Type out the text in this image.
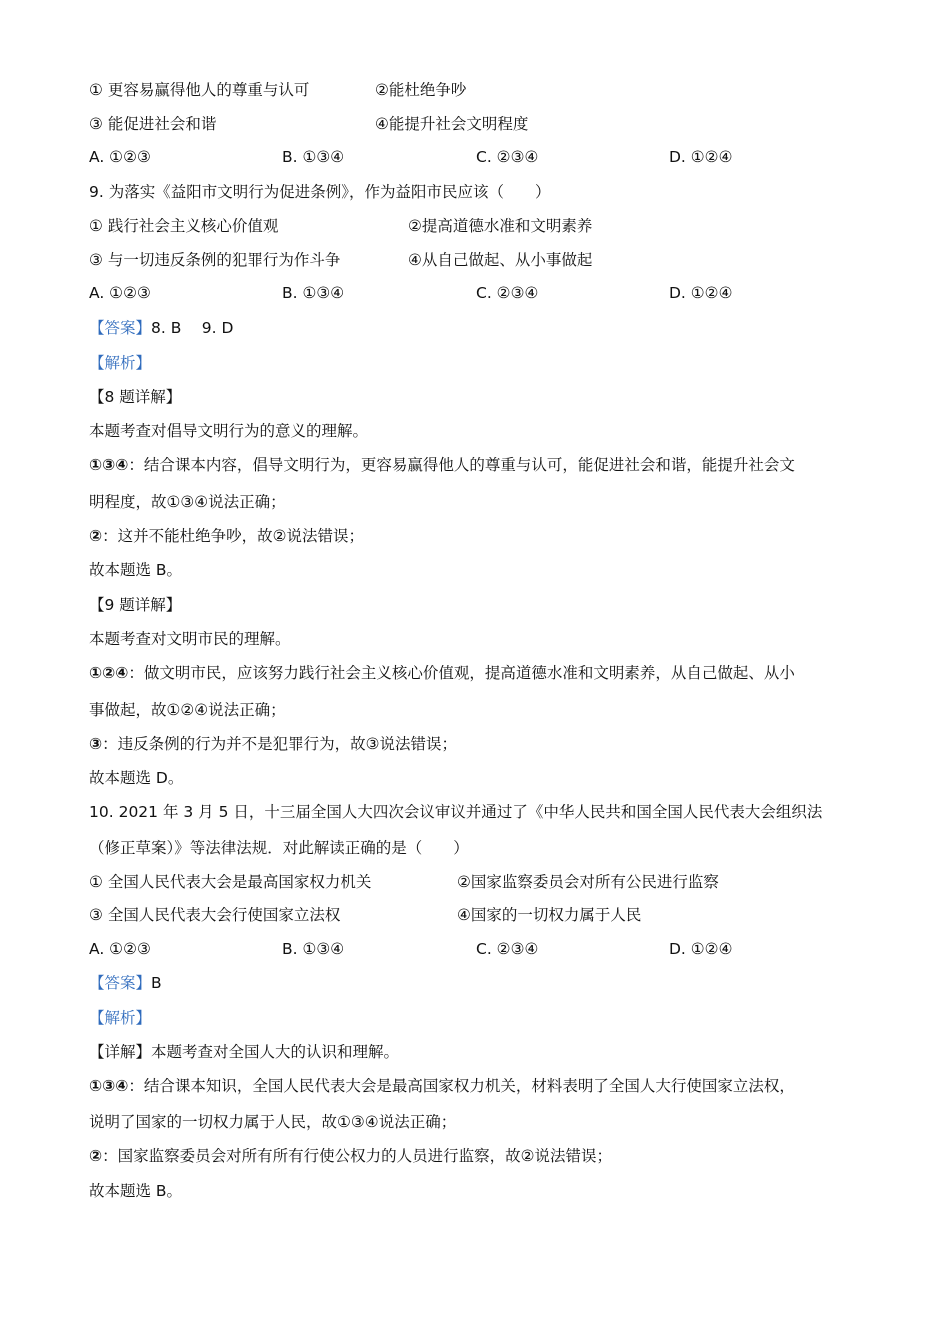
① 更容易赢得他人的尊重与认可	②能杜绝争吵
③ 能促进社会和谐	④能提升社会文明程度
A. ①②③	B. ①③④	C. ②③④	D. ①②④
9. 为落实《益阳市文明行为促进条例》，作为益阳市民应该（　　）
① 践行社会主义核心价值观	②提高道德水准和文明素养
③ 与一切违反条例的犯罪行为作斗争	④从自己做起、从小事做起
A. ①②③	B. ①③④	C. ②③④	D. ①②④
【答案】8. B　 9. D
【解析】
【8 题详解】
本题考查对倡导文明行为的意义的理解。
①③④：结合课本内容，倡导文明行为，更容易赢得他人的尊重与认可，能促进社会和谐，能提升社会文
明程度，故①③④说法正确；
②：这并不能杜绝争吵，故②说法错误；
故本题选 B。
【9 题详解】
本题考查对文明市民的理解。
①②④：做文明市民，应该努力践行社会主义核心价值观，提高道德水准和文明素养，从自己做起、从小
事做起，故①②④说法正确；
③：违反条例的行为并不是犯罪行为，故③说法错误；
故本题选 D。
10. 2021 年 3 月 5 日，十三届全国人大四次会议审议并通过了《中华人民共和国全国人民代表大会组织法
（修正草案）》等法律法规．对此解读正确的是（　　）
① 全国人民代表大会是最高国家权力机关	②国家监察委员会对所有公民进行监察
③ 全国人民代表大会行使国家立法权	④国家的一切权力属于人民
A. ①②③	B. ①③④	C. ②③④	D. ①②④
【答案】B
【解析】
【详解】本题考查对全国人大的认识和理解。
①③④：结合课本知识，全国人民代表大会是最高国家权力机关，材料表明了全国人大行使国家立法权，
说明了国家的一切权力属于人民，故①③④说法正确；
②：国家监察委员会对所有所有行使公权力的人员进行监察，故②说法错误；
故本题选 B。
